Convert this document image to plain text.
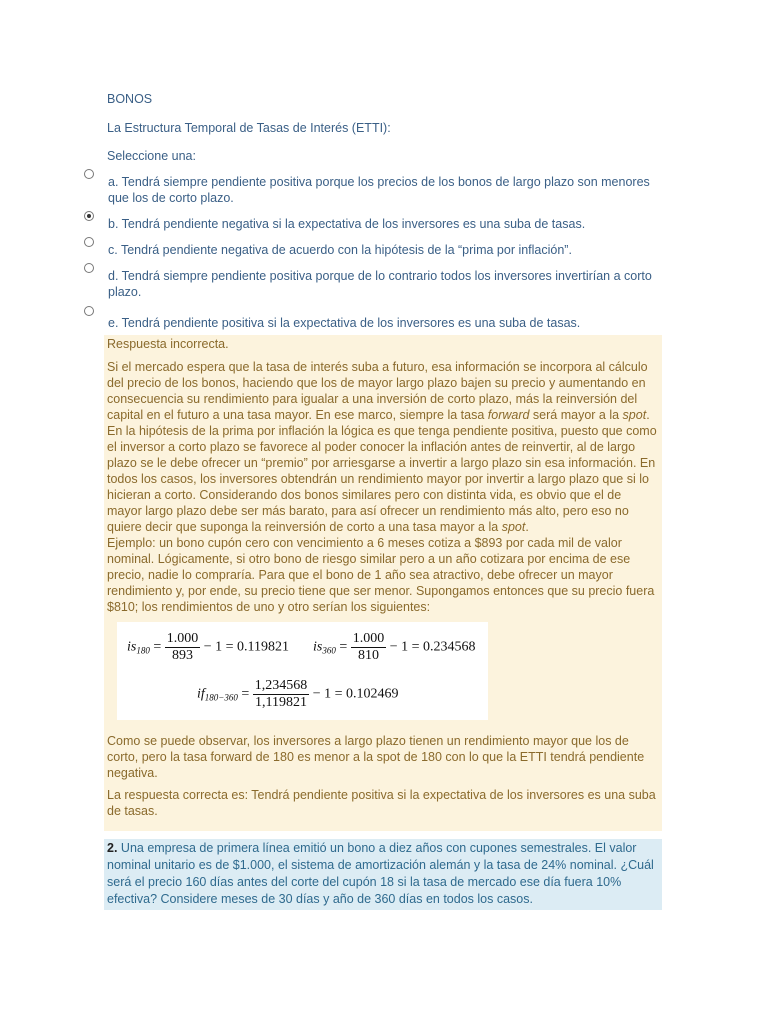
BONOS
La Estructura Temporal de Tasas de Interés (ETTI):
Seleccione una:
a. Tendrá siempre pendiente positiva porque los precios de los bonos de largo plazo son menores que los de corto plazo.
b. Tendrá pendiente negativa si la expectativa de los inversores es una suba de tasas.
c. Tendrá pendiente negativa de acuerdo con la hipótesis de la “prima por inflación”.
d. Tendrá siempre pendiente positiva porque de lo contrario todos los inversores invertirían a corto plazo.
e. Tendrá pendiente positiva si la expectativa de los inversores es una suba de tasas.

Respuesta incorrecta.

Si el mercado espera que la tasa de interés suba a futuro, esa información se incorpora al cálculo del precio de los bonos, haciendo que los de mayor largo plazo bajen su precio y aumentando en consecuencia su rendimiento para igualar a una inversión de corto plazo, más la reinversión del capital en el futuro a una tasa mayor. En ese marco, siempre la tasa forward será mayor a la spot. En la hipótesis de la prima por inflación la lógica es que tenga pendiente positiva, puesto que como el inversor a corto plazo se favorece al poder conocer la inflación antes de reinvertir, al de largo plazo se le debe ofrecer un “premio” por arriesgarse a invertir a largo plazo sin esa información. En todos los casos, los inversores obtendrán un rendimiento mayor por invertir a largo plazo que si lo hicieran a corto. Considerando dos bonos similares pero con distinta vida, es obvio que el de mayor largo plazo debe ser más barato, para así ofrecer un rendimiento más alto, pero eso no quiere decir que suponga la reinversión de corto a una tasa mayor a la spot.

Ejemplo: un bono cupón cero con vencimiento a 6 meses cotiza a $893 por cada mil de valor nominal. Lógicamente, si otro bono de riesgo similar pero a un año cotizara por encima de ese precio, nadie lo compraría. Para que el bono de 1 año sea atractivo, debe ofrecer un mayor rendimiento y, por ende, su precio tiene que ser menor. Supongamos entonces que su precio fuera $810; los rendimientos de uno y otro serían los siguientes:

$is_{180} = \frac{1.000}{893} - 1 = 0.119821$ $is_{360} = \frac{1.000}{810} - 1 = 0.234568$
$if_{180-360} = \frac{1,234568}{1,119821} - 1 = 0.102469$

Como se puede observar, los inversores a largo plazo tienen un rendimiento mayor que los de corto, pero la tasa forward de 180 es menor a la spot de 180 con lo que la ETTI tendrá pendiente negativa.

La respuesta correcta es: Tendrá pendiente positiva si la expectativa de los inversores es una suba de tasas.

2. Una empresa de primera línea emitió un bono a diez años con cupones semestrales. El valor nominal unitario es de $1.000, el sistema de amortización alemán y la tasa de 24% nominal. ¿Cuál será el precio 160 días antes del corte del cupón 18 si la tasa de mercado ese día fuera 10% efectiva? Considere meses de 30 días y año de 360 días en todos los casos.
